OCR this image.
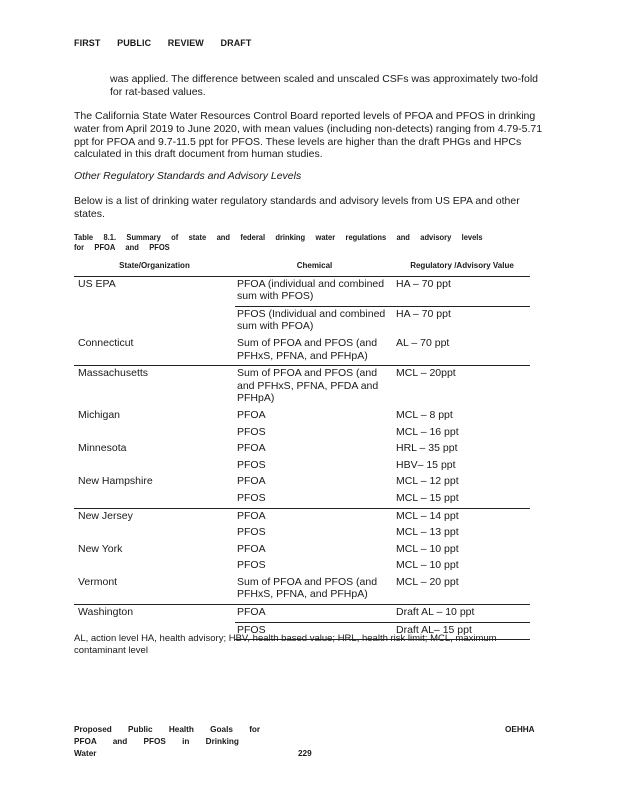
FIRST PUBLIC REVIEW DRAFT
was applied. The difference between scaled and unscaled CSFs was approximately two-fold for rat-based values.
The California State Water Resources Control Board reported levels of PFOA and PFOS in drinking water from April 2019 to June 2020, with mean values (including non-detects) ranging from 4.79-5.71 ppt for PFOA and 9.7-11.5 ppt for PFOS. These levels are higher than the draft PHGs and HPCs calculated in this draft document from human studies.
Other Regulatory Standards and Advisory Levels
Below is a list of drinking water regulatory standards and advisory levels from US EPA and other states.
Table 8.1. Summary of state and federal drinking water regulations and advisory levels for PFOA and PFOS
State/Organization	Chemical	Regulatory /Advisory Value
US EPA	PFOA (individual and combined sum with PFOS)	HA – 70 ppt
	PFOS (Individual and combined sum with PFOA)	HA – 70 ppt
Connecticut	Sum of PFOA and PFOS (and PFHxS, PFNA, and PFHpA)	AL – 70 ppt
Massachusetts	Sum of PFOA and PFOS (and and PFHxS, PFNA, PFDA and PFHpA)	MCL – 20ppt
Michigan	PFOA	MCL – 8 ppt
	PFOS	MCL – 16 ppt
Minnesota	PFOA	HRL – 35 ppt
	PFOS	HBV– 15 ppt
New Hampshire	PFOA	MCL – 12 ppt
	PFOS	MCL – 15 ppt
New Jersey	PFOA	MCL – 14 ppt
	PFOS	MCL – 13 ppt
New York	PFOA	MCL – 10 ppt
	PFOS	MCL – 10 ppt
Vermont	Sum of PFOA and PFOS (and PFHxS, PFNA, and PFHpA)	MCL – 20 ppt
Washington	PFOA	Draft AL – 10 ppt
	PFOS	Draft AL– 15 ppt
AL, action level HA, health advisory; HBV, health based value; HRL, health risk limit; MCL, maximum contaminant level
Proposed Public Health Goals for PFOA and PFOS in Drinking Water
OEHHA
229
